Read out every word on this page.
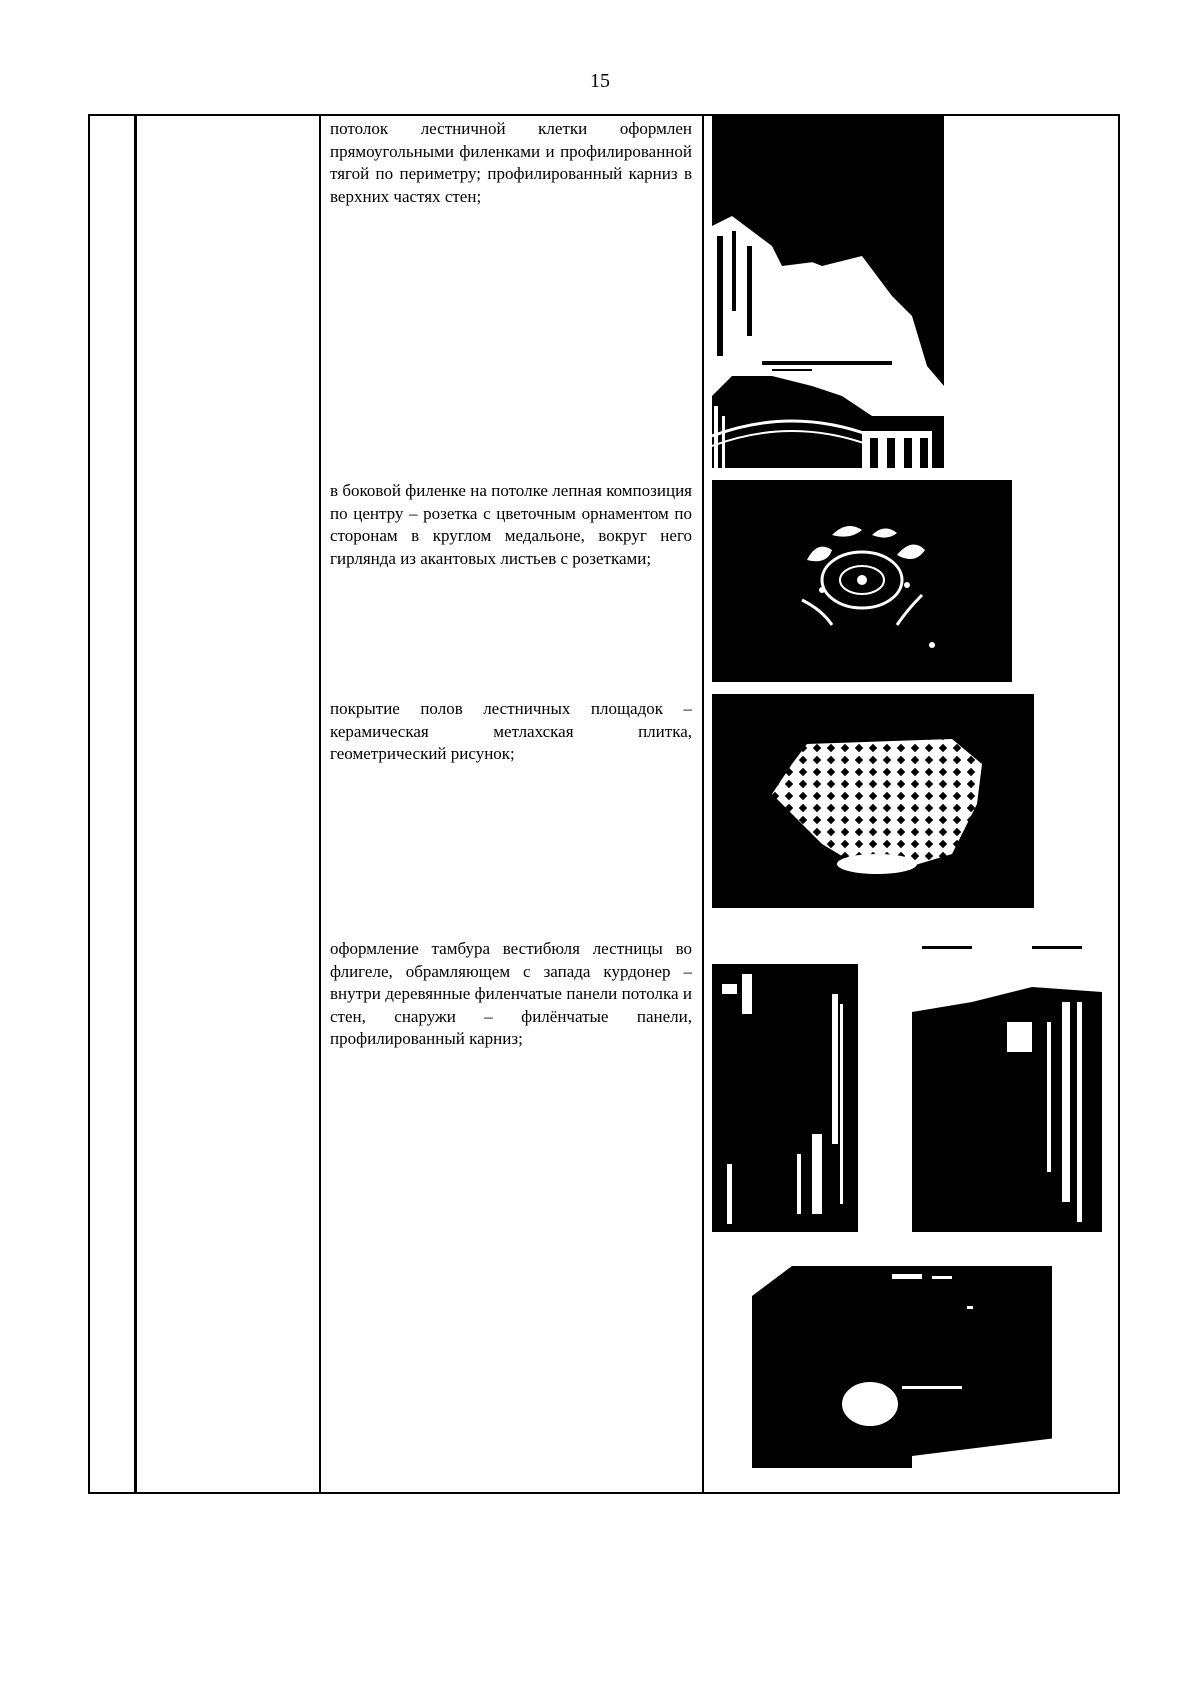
15
потолок лестничной клетки оформлен прямоугольными филенками и профилированной тягой по периметру; профилированный карниз в верхних частях стен;
в боковой филенке на потолке лепная композиция по центру – розетка с цветочным орнаментом по сторонам в круглом медальоне, вокруг него гирлянда из акантовых листьев с розетками;
покрытие полов лестничных площадок – керамическая метлахская плитка, геометрический рисунок;
оформление тамбура вестибюля лестницы во флигеле, обрамляющем с запада курдонер – внутри деревянные филенчатые панели потолка и стен, снаружи – филёнчатые панели, профилированный карниз;
